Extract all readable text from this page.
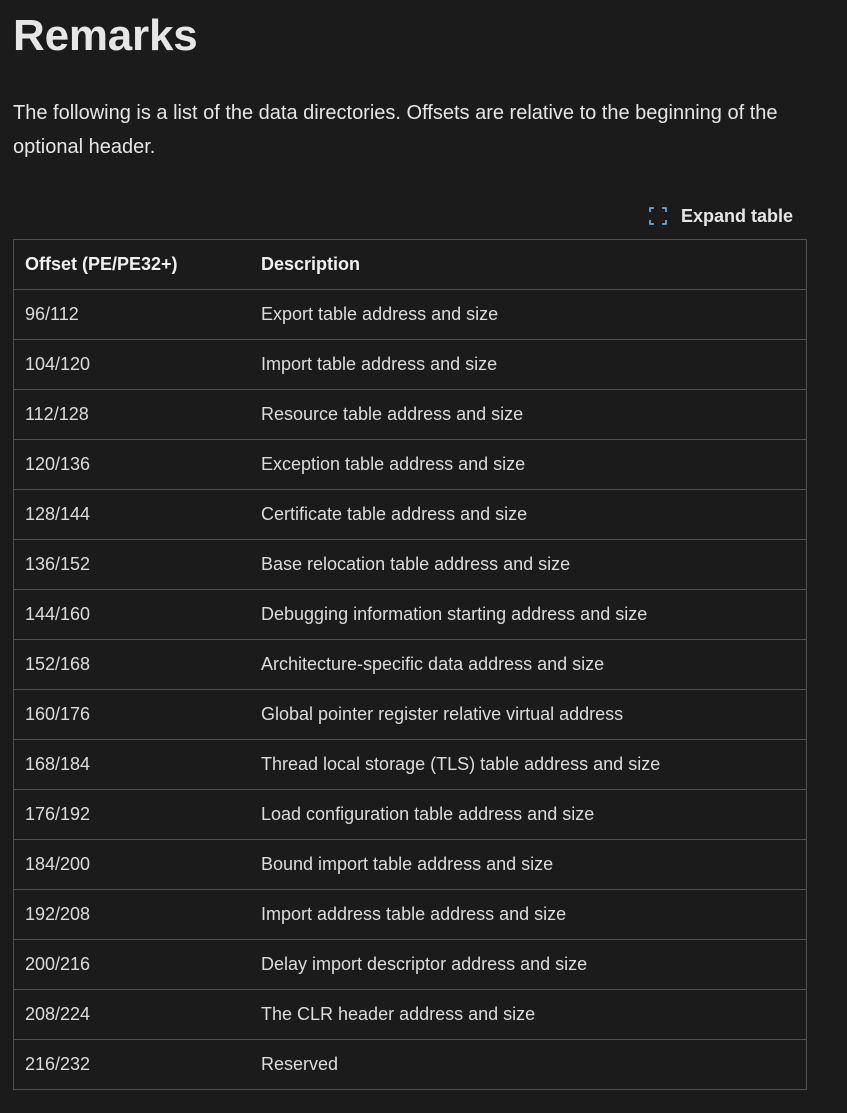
Remarks

The following is a list of the data directories. Offsets are relative to the beginning of the optional header.

Expand table
Offset (PE/PE32+)	Description
96/112	Export table address and size
104/120	Import table address and size
112/128	Resource table address and size
120/136	Exception table address and size
128/144	Certificate table address and size
136/152	Base relocation table address and size
144/160	Debugging information starting address and size
152/168	Architecture-specific data address and size
160/176	Global pointer register relative virtual address
168/184	Thread local storage (TLS) table address and size
176/192	Load configuration table address and size
184/200	Bound import table address and size
192/208	Import address table address and size
200/216	Delay import descriptor address and size
208/224	The CLR header address and size
216/232	Reserved
